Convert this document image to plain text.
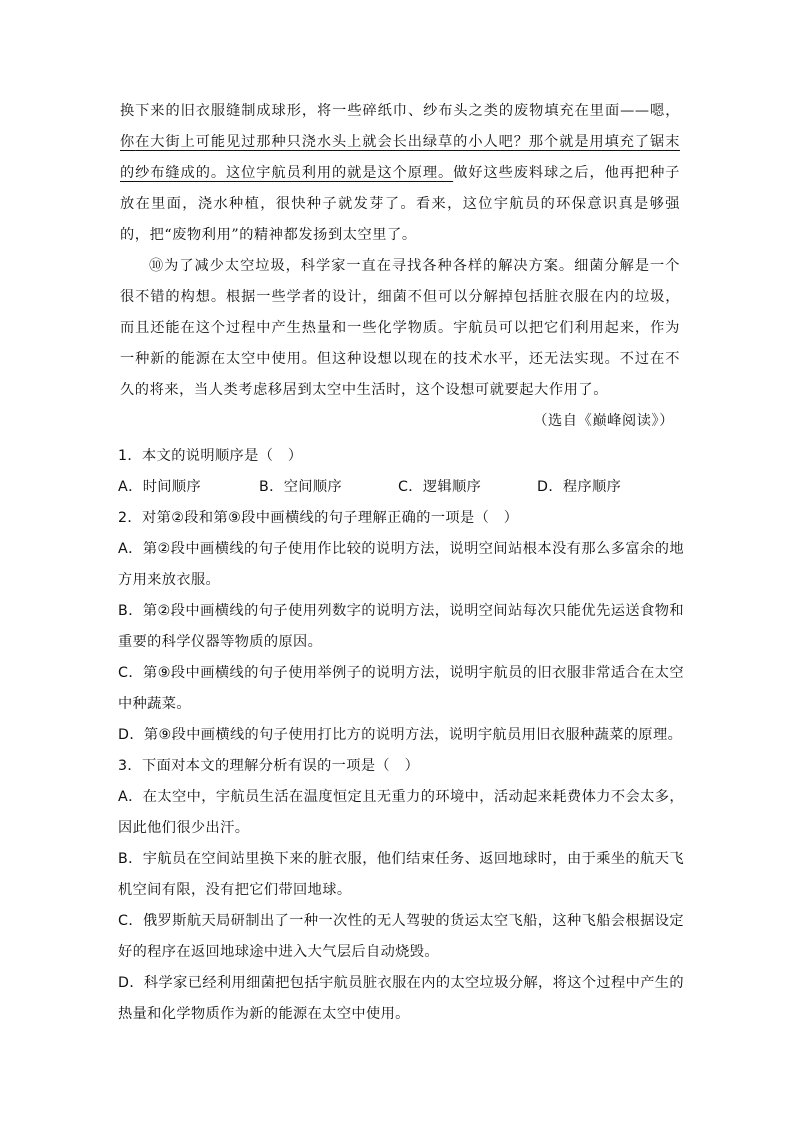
换下来的旧衣服缝制成球形，将一些碎纸巾、纱布头之类的废物填充在里面——嗯，你在大街上可能见过那种只浇水头上就会长出绿草的小人吧？那个就是用填充了锯末的纱布缝成的。这位宇航员利用的就是这个原理。做好这些废料球之后，他再把种子放在里面，浇水种植，很快种子就发芽了。看来，这位宇航员的环保意识真是够强的，把“废物利用”的精神都发扬到太空里了。

⑩为了减少太空垃圾，科学家一直在寻找各种各样的解决方案。细菌分解是一个很不错的构想。根据一些学者的设计，细菌不但可以分解掉包括脏衣服在内的垃圾，而且还能在这个过程中产生热量和一些化学物质。宇航员可以把它们利用起来，作为一种新的能源在太空中使用。但这种设想以现在的技术水平，还无法实现。不过在不久的将来，当人类考虑移居到太空中生活时，这个设想可就要起大作用了。

（选自《巅峰阅读》）

1．本文的说明顺序是（　）

A．时间顺序	B．空间顺序	C．逻辑顺序	D．程序顺序

2．对第②段和第⑨段中画横线的句子理解正确的一项是（　）

A．第②段中画横线的句子使用作比较的说明方法，说明空间站根本没有那么多富余的地方用来放衣服。

B．第②段中画横线的句子使用列数字的说明方法，说明空间站每次只能优先运送食物和重要的科学仪器等物质的原因。

C．第⑨段中画横线的句子使用举例子的说明方法，说明宇航员的旧衣服非常适合在太空中种蔬菜。

D．第⑨段中画横线的句子使用打比方的说明方法，说明宇航员用旧衣服种蔬菜的原理。

3．下面对本文的理解分析有误的一项是（　）

A．在太空中，宇航员生活在温度恒定且无重力的环境中，活动起来耗费体力不会太多，因此他们很少出汗。

B．宇航员在空间站里换下来的脏衣服，他们结束任务、返回地球时，由于乘坐的航天飞机空间有限，没有把它们带回地球。

C．俄罗斯航天局研制出了一种一次性的无人驾驶的货运太空飞船，这种飞船会根据设定好的程序在返回地球途中进入大气层后自动烧毁。

D．科学家已经利用细菌把包括宇航员脏衣服在内的太空垃圾分解，将这个过程中产生的热量和化学物质作为新的能源在太空中使用。
